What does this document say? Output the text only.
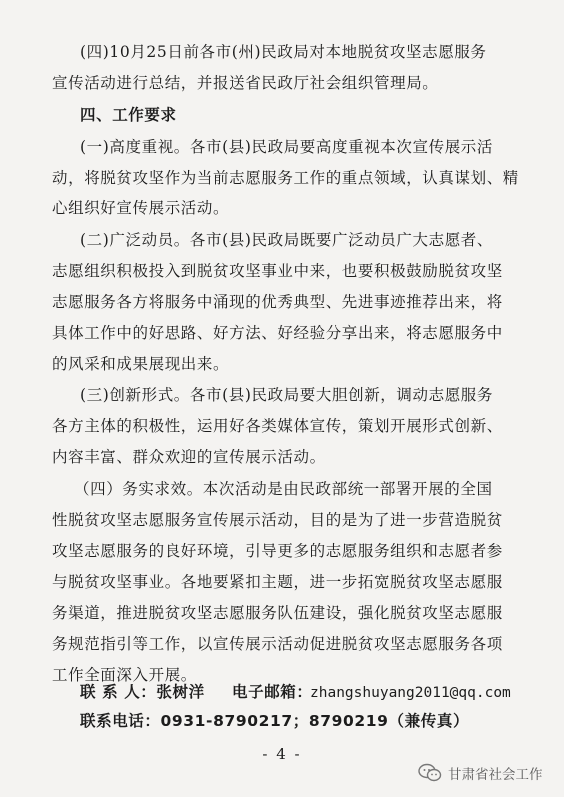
(四)10月25日前各市(州)民政局对本地脱贫攻坚志愿服务
宣传活动进行总结，并报送省民政厅社会组织管理局。
四、工作要求
(一)高度重视。各市(县)民政局要高度重视本次宣传展示活
动，将脱贫攻坚作为当前志愿服务工作的重点领域，认真谋划、精
心组织好宣传展示活动。
(二)广泛动员。各市(县)民政局既要广泛动员广大志愿者、
志愿组织积极投入到脱贫攻坚事业中来，也要积极鼓励脱贫攻坚
志愿服务各方将服务中涌现的优秀典型、先进事迹推荐出来，将
具体工作中的好思路、好方法、好经验分享出来，将志愿服务中
的风采和成果展现出来。
(三)创新形式。各市(县)民政局要大胆创新，调动志愿服务
各方主体的积极性，运用好各类媒体宣传，策划开展形式创新、
内容丰富、群众欢迎的宣传展示活动。
（四）务实求效。本次活动是由民政部统一部署开展的全国
性脱贫攻坚志愿服务宣传展示活动，目的是为了进一步营造脱贫
攻坚志愿服务的良好环境，引导更多的志愿服务组织和志愿者参
与脱贫攻坚事业。各地要紧扣主题，进一步拓宽脱贫攻坚志愿服
务渠道，推进脱贫攻坚志愿服务队伍建设，强化脱贫攻坚志愿服
务规范指引等工作，以宣传展示活动促进脱贫攻坚志愿服务各项
工作全面深入开展。
联 系 人：张树洋 电子邮箱：
zhangshuyang2011@qq.com
联系电话：0931-8790217；8790219（兼传真）
- 4 -
甘肃省社会工作
